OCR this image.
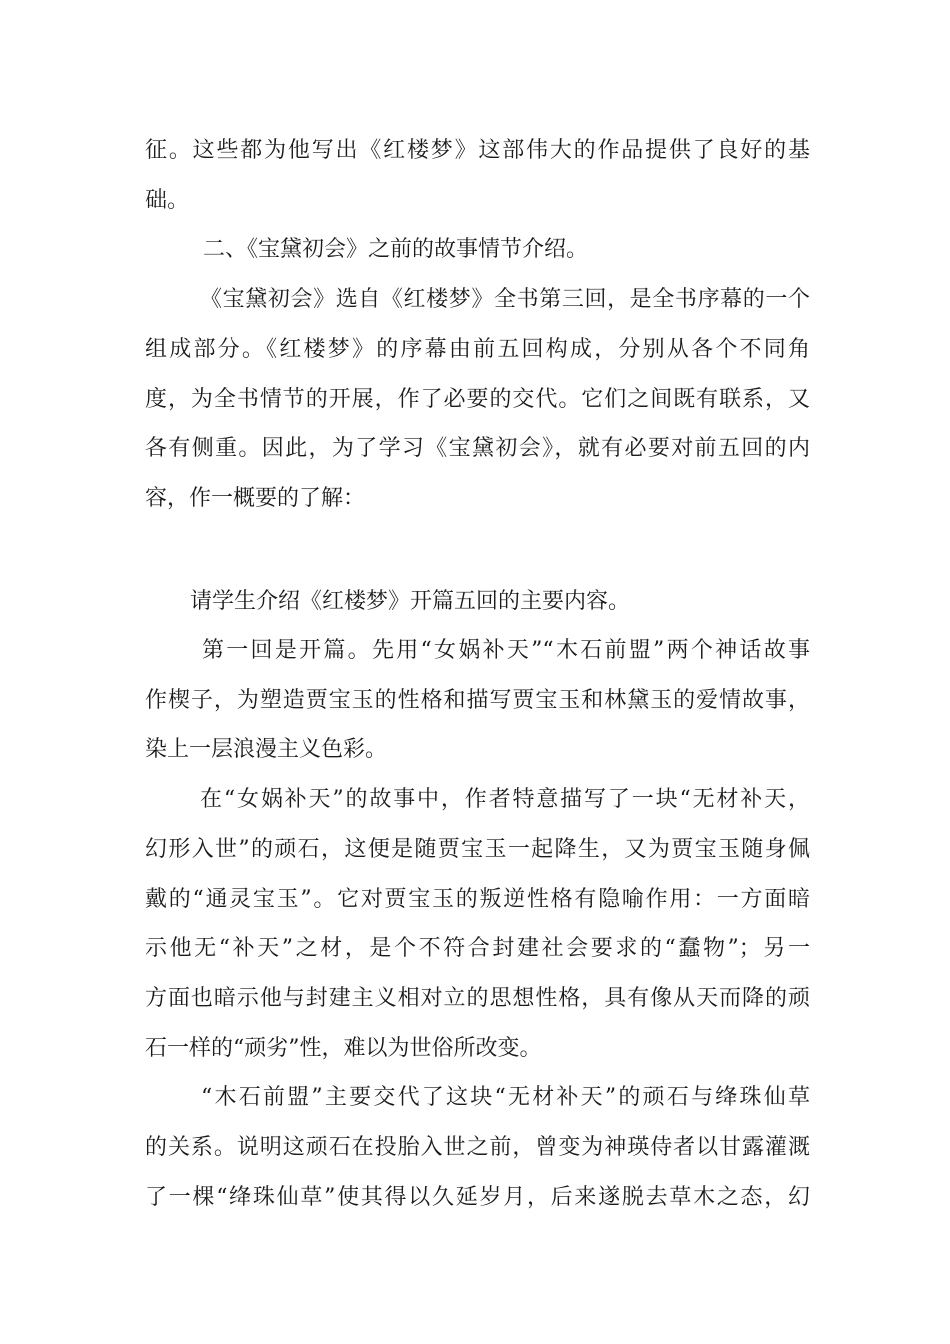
征。这些都为他写出《红楼梦》这部伟大的作品提供了良好的基
础。
二、《宝黛初会》之前的故事情节介绍。
《宝黛初会》选自《红楼梦》全书第三回，是全书序幕的一个
组成部分。《红楼梦》的序幕由前五回构成，分别从各个不同角
度，为全书情节的开展，作了必要的交代。它们之间既有联系，又
各有侧重。因此，为了学习《宝黛初会》，就有必要对前五回的内
容，作一概要的了解：
请学生介绍《红楼梦》开篇五回的主要内容。
第一回是开篇。先用“女娲补天”“木石前盟”两个神话故事
作楔子，为塑造贾宝玉的性格和描写贾宝玉和林黛玉的爱情故事，
染上一层浪漫主义色彩。
在“女娲补天”的故事中，作者特意描写了一块“无材补天，
幻形入世”的顽石，这便是随贾宝玉一起降生，又为贾宝玉随身佩
戴的“通灵宝玉”。它对贾宝玉的叛逆性格有隐喻作用：一方面暗
示他无“补天”之材，是个不符合封建社会要求的“蠢物”；另一
方面也暗示他与封建主义相对立的思想性格，具有像从天而降的顽
石一样的“顽劣”性，难以为世俗所改变。
“木石前盟”主要交代了这块“无材补天”的顽石与绛珠仙草
的关系。说明这顽石在投胎入世之前，曾变为神瑛侍者以甘露灌溉
了一棵“绛珠仙草”使其得以久延岁月，后来遂脱去草木之态，幻
